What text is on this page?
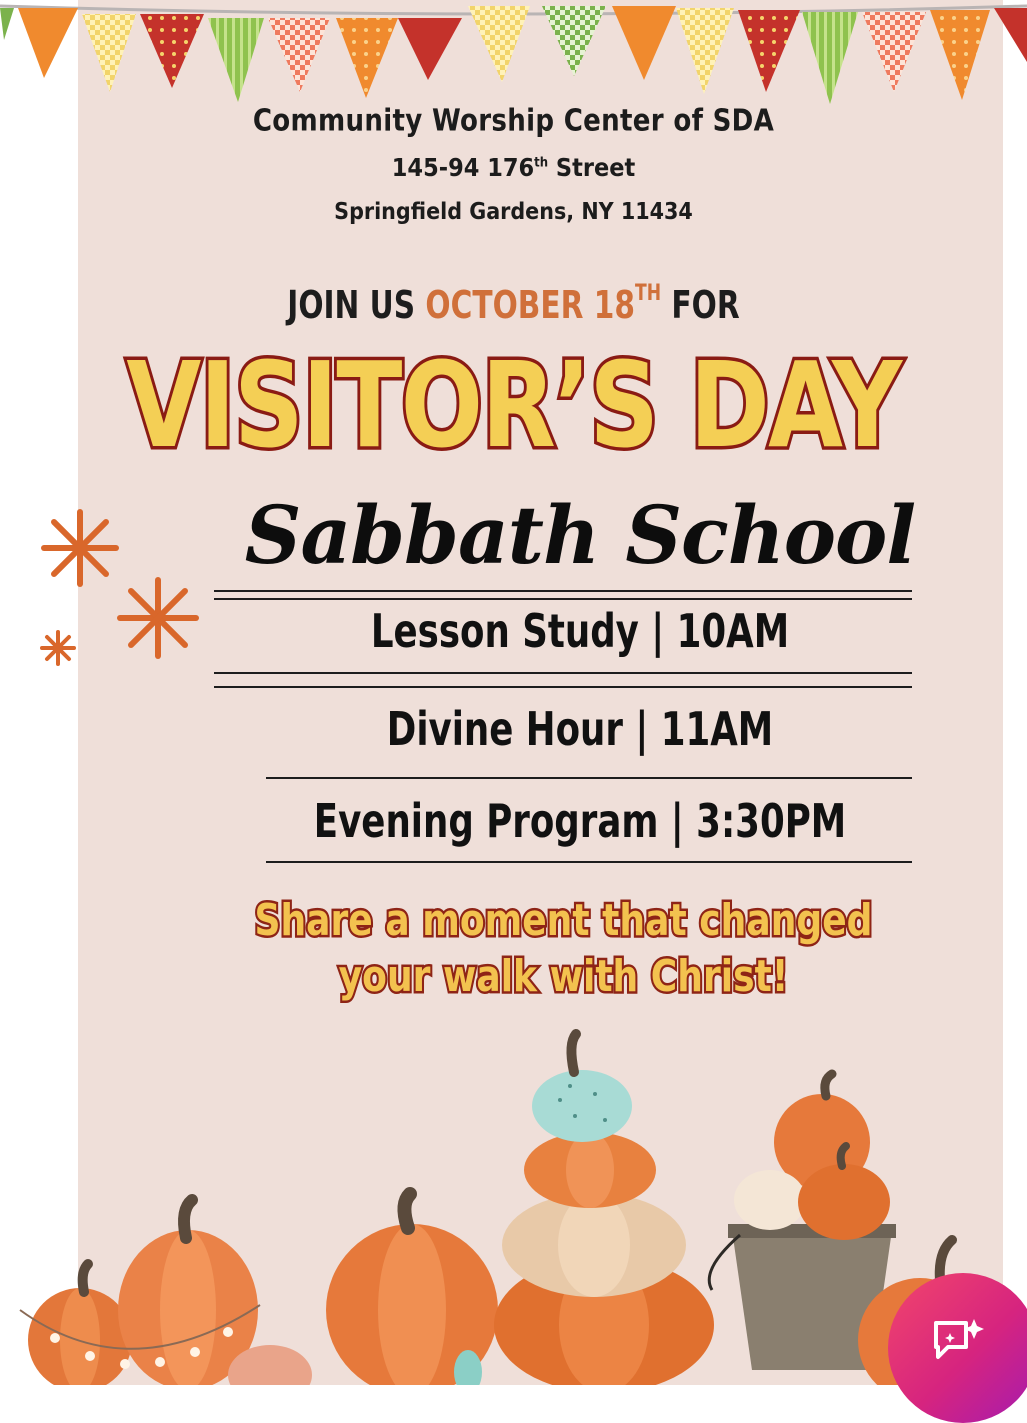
Community Worship Center of SDA
145-94 176th Street
Springfield Gardens, NY 11434
JOIN US OCTOBER 18TH FOR
VISITOR’S DAY
Sabbath School
Lesson Study | 10AM
Divine Hour | 11AM
Evening Program | 3:30PM
Share a moment that changed
your walk with Christ!
